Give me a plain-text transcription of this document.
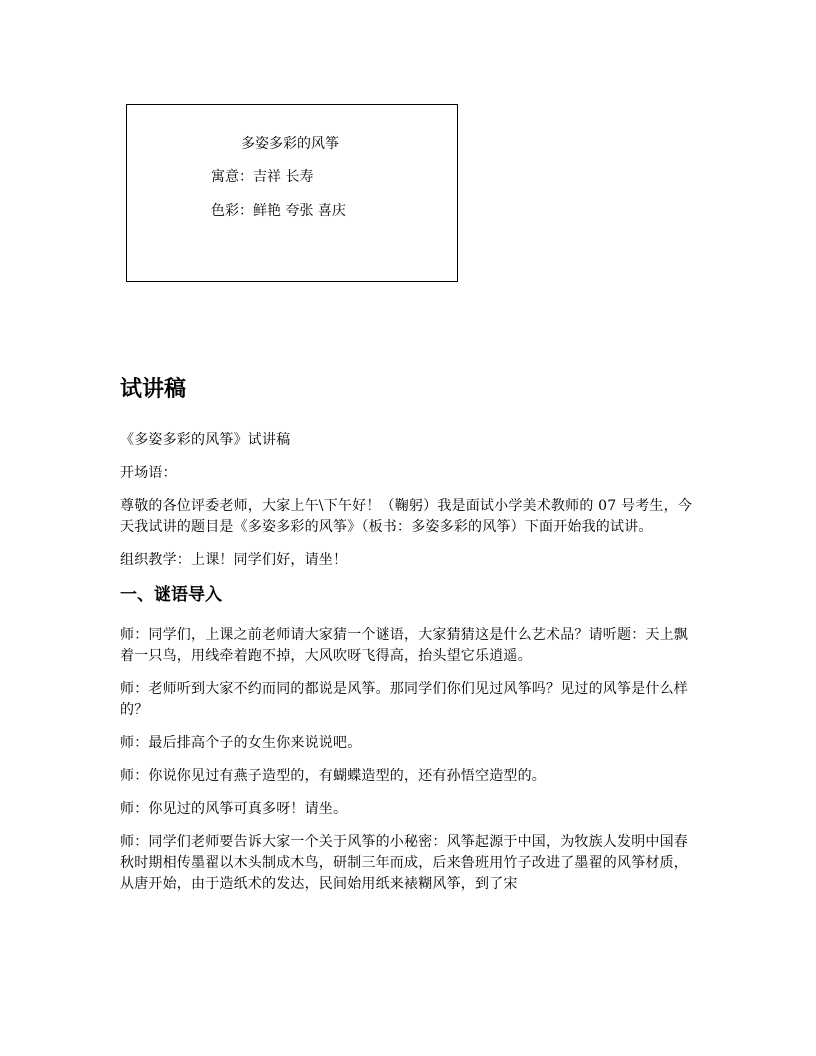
多姿多彩的风筝
寓意：吉祥 长寿
色彩：鲜艳 夸张 喜庆
试讲稿

《多姿多彩的风筝》试讲稿

开场语：

尊敬的各位评委老师，大家上午\下午好！（鞠躬）我是面试小学美术教师的 07 号考生，今天我试讲的题目是《多姿多彩的风筝》（板书：多姿多彩的风筝）下面开始我的试讲。

组织教学：上课！同学们好，请坐！

一、谜语导入

师：同学们，上课之前老师请大家猜一个谜语，大家猜猜这是什么艺术品？请听题：天上飘着一只鸟，用线牵着跑不掉，大风吹呀飞得高，抬头望它乐逍遥。

师：老师听到大家不约而同的都说是风筝。那同学们你们见过风筝吗？见过的风筝是什么样的？

师：最后排高个子的女生你来说说吧。

师：你说你见过有燕子造型的，有蝴蝶造型的，还有孙悟空造型的。

师：你见过的风筝可真多呀！请坐。

师：同学们老师要告诉大家一个关于风筝的小秘密：风筝起源于中国，为牧族人发明中国春秋时期相传墨翟以木头制成木鸟，研制三年而成，后来鲁班用竹子改进了墨翟的风筝材质，从唐开始，由于造纸术的发达，民间始用纸来裱糊风筝，到了宋
